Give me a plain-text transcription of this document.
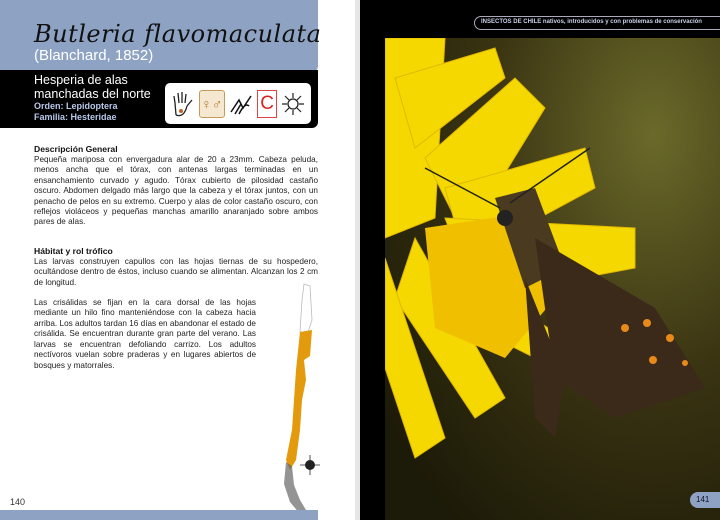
Butleria flavomaculata
(Blanchard, 1852)
Hesperia de alas manchadas del norte
Orden: Lepidoptera
Familia: Hesteridae
♀♂ C
Descripción General

Pequeña mariposa con envergadura alar de 20 a 23mm. Cabeza peluda, menos ancha que el tórax, con antenas largas terminadas en un ensanchamiento curvado y agudo. Tórax cubierto de pilosidad castaño oscuro. Abdomen delgado más largo que la cabeza y el tórax juntos, con un penacho de pelos en su extremo. Cuerpo y alas de color castaño oscuro, con reflejos violáceos y pequeñas manchas amarillo anaranjado sobre ambos pares de alas.

Hábitat y rol trófico

Las larvas construyen capullos con las hojas tiernas de su hospedero, ocultándose dentro de éstos, incluso cuando se alimentan. Alcanzan los 2 cm de longitud.

Las crisálidas se fijan en la cara dorsal de las hojas mediante un hilo fino manteniéndose con la cabeza hacia arriba. Los adultos tardan 16 días en abandonar el estado de crisálida. Se encuentran durante gran parte del verano. Las larvas se encuentran defoliando carrizo. Los adultos nectívoros vuelan sobre praderas y en lugares abiertos de bosques y matorrales.

140
INSECTOS DE CHILE nativos, introducidos y con problemas de conservación
141
